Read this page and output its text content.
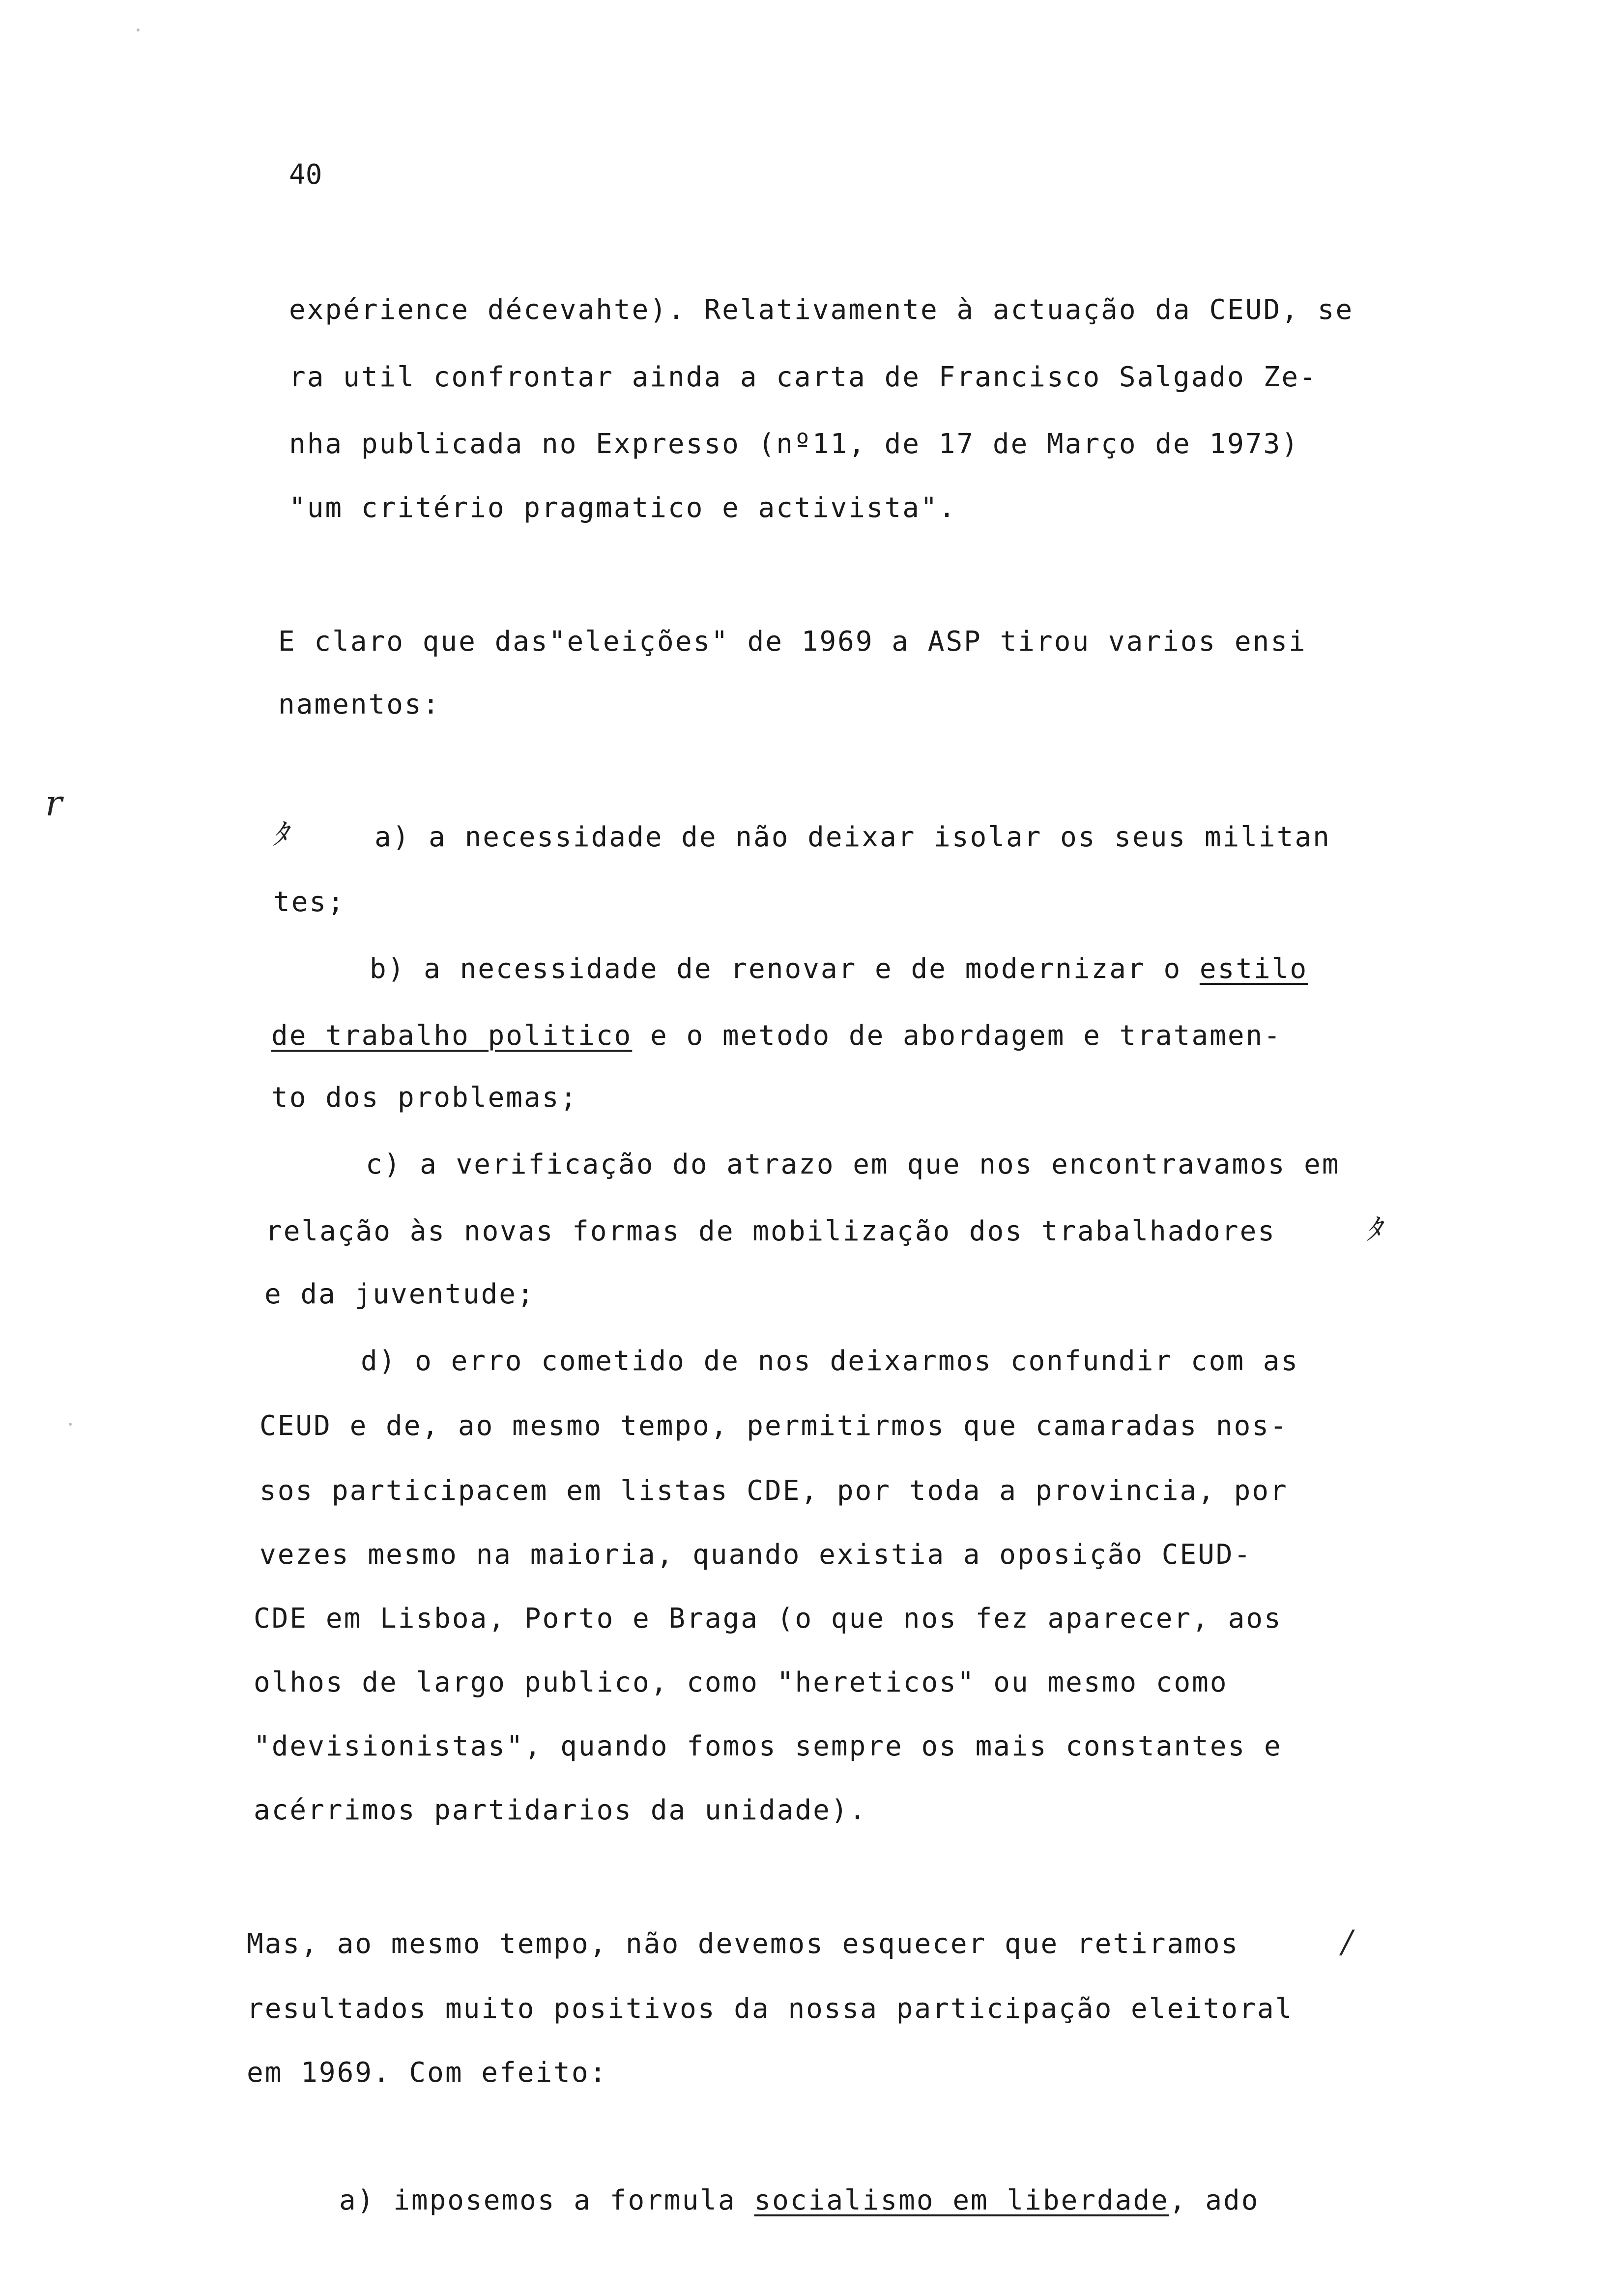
40
expérience décevahte). Relativamente à actuação da CEUD, se
ra util confrontar ainda a carta de Francisco Salgado Ze-
nha publicada no Expresso (nº11, de 17 de Março de 1973)
"um critério pragmatico e activista".
E claro que das"eleições" de 1969 a ASP tirou varios ensi
namentos:
r
ﾀ	a) a necessidade de não deixar isolar os seus militan
tes;
b) a necessidade de renovar e de modernizar o estilo
de trabalho politico e o metodo de abordagem e tratamen-
to dos problemas;
c) a verificação do atrazo em que nos encontravamos em
relação às novas formas de mobilização dos trabalhadores	ﾀ
e da juventude;
d) o erro cometido de nos deixarmos confundir com as
CEUD e de, ao mesmo tempo, permitirmos que camaradas nos-
sos participacem em listas CDE, por toda a provincia, por
vezes mesmo na maioria, quando existia a oposição CEUD-
CDE em Lisboa, Porto e Braga (o que nos fez aparecer, aos
olhos de largo publico, como "hereticos" ou mesmo como
"devisionistas", quando fomos sempre os mais constantes e
acérrimos partidarios da unidade).
Mas, ao mesmo tempo, não devemos esquecer que retiramos	/
resultados muito positivos da nossa participação eleitoral
em 1969. Com efeito:
a) imposemos a formula socialismo em liberdade, ado
